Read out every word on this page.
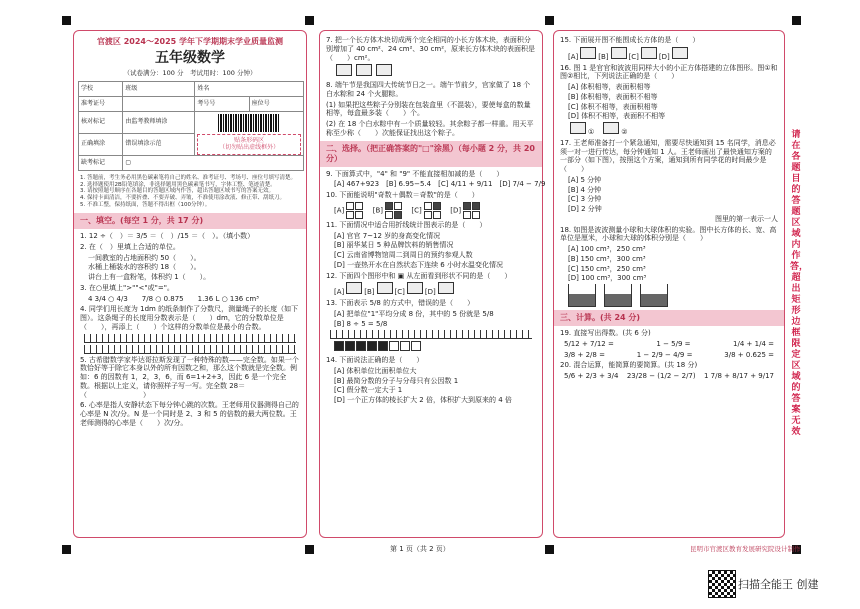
官渡区 2024～2025 学年下学期期末学业质量监测
五年级数学
（试卷满分：100 分　考试用时：100 分钟）
学校	班级	姓名	
准考证号		考号号	座位号
核对标记	由监考教师填涂	贴条形码区
（切勿贴出虚线框外）	

正确填涂	错误填涂示范		
缺考标记	▢		
1. 答题前，考生务必用黑色碳素笔将自己的姓名、准考证号、考场号、座位号填写清楚。
2. 选择题使用2B铅笔填涂，非选择题用黑色碳素笔书写，字体工整、笔迹清楚。
3. 请按照题号顺序在各题目的答题区域内作答，超出答题区域书写的答案无效。
4. 保持卡面清洁，不要折叠、不要弄破、弄皱，不准使用涂改液、修正带、刮纸刀。
5. 不准工整，保持纸面，答题不得出框（100分钟）。
一、填空。(每空 1 分，共 17 分)
1. 12 ÷（　）＝ 3/5 ＝（　）/15 ＝（　）。（填小数）
2. 在（　）里填上合适的单位。
一间教室的占地面积约 50（　　）。
水桶上桶装水的容积约 18（　　）。
讲台上有一盒粉笔，体积约 1（　　）。
3. 在○里填上">""<"或"="。
4 3/4 ○ 4/3　　7/8 ○ 0.875　　1.36 L ○ 136 cm³
4. 同学们用长度为 1dm 的纸条制作了分数尺，测量绳子的长度（如下图）。这条绳子的长度用分数表示是（　　）dm，它的分数单位是（　　），再添上（　　）个这样的分数单位是最小的合数。
5. 古希腊数学家毕达哥拉斯发现了一种特殊的数——完全数。如果一个数恰好等于除它本身以外的所有因数之和，那么这个数就是完全数。例如：6 的因数有 1，2，3，6，而 6=1+2+3，因此 6 是一个完全数。根据以上定义，请你照样子写一写。完全数 28＝（　　　　　　　　）
6. 心率是指人安静状态下每分钟心跳的次数。王老师用仪器测得自己的心率是 N 次/分。N 是一个同时是 2、3 和 5 的倍数的最大两位数。王老师测得的心率是（　　）次/分。
7. 把一个长方体木块切成两个完全相同的小长方体木块，表面积分别增加了 40 cm²、24 cm²、30 cm²，原来长方体木块的表面积是（　　）cm²。
8. 端午节是我国四大传统节日之一。端午节前夕，官家做了 18 个白水粽和 24 个火腿粽。
(1) 如果把这些粽子分别装在包装盒里（不混装），要使每盒的数量相等，每盒最多装（　　）个。
(2) 在 18 个白水粽中有一个质量较轻。其余粽子都一样重。用天平称至少称（　　）次能保证找出这个粽子。
二、选择。（把正确答案的"□"涂黑）（每小题 2 分，共 20 分）
9. 下面算式中，"4" 和 "9" 不能直接相加减的是（　　）
[A] 467+923　 [B] 6.95−5.4　 [C] 4/11 + 9/11　 [D] 7/4 − 7/9
10. 下面能说明"奇数＋偶数＝奇数"的是（　　）
[A]
　 [B]
　 [C]
　 [D]
11. 下面情况中适合用折线统计图表示的是（　　）
[A] 官官 7~12 岁的身高变化情况
[B] 丽华某日 5 种品牌饮料的销售情况
[C] 云南省博物馆周二到周日的预约参观人数
[D] 一壶热开水在自然状态下连续 6 小时水温变化情况
12. 下面四个图形中和 ▣ 从左面看到形状不同的是（　　）
[A]	[B]	[C]	[D]
13. 下面表示 5/8 的方式中，错误的是（　　）
[A] 把单位"1"平均分成 8 份，其中的 5 份就是 5/8
[B] 8 ÷ 5 = 5/8
14. 下面说法正确的是（　　）
[A] 体积单位比面积单位大
[B] 最简分数的分子与分母只有公因数 1
[C] 假分数一定大于 1
[D] 一个正方体的棱长扩大 2 倍，体积扩大到原来的 4 倍
15. 下面展开图不能围成长方体的是（　　）
[A]	[B]	[C]	[D]
16. 图 1 是官官和波波用同样大小的小正方体搭建的立体图形。图①和图②相比，下列说法正确的是（　　）
[A] 体积相等，表面积相等
[B] 体积相等，表面积不相等
[C] 体积不相等，表面积相等
[D] 体积不相等，表面积不相等
①　	②
17. 王老师准备打一个紧急通知，需要尽快通知到 15 名同学，消息必须一对一进行传达，每分钟通知 1 人。王老师画出了最快通知方案的一部分（如下图），按照这个方案，通知到所有同学花的时间最少是（　　）
[A] 5 分钟
[B] 4 分钟
[C] 3 分钟
[D] 2 分钟
图里的第一表示一人
18. 如图是波波测量小球和大球体积的实验。图中长方体的长、宽、高单位是厘米，小球和大球的体积分别是（　　）
[A] 100 cm³，250 cm³
[B] 150 cm³，300 cm³
[C] 150 cm³，250 cm³
[D] 100 cm³，300 cm³
三、计算。(共 24 分)
19. 直接写出得数。(共 6 分)
5/12 + 7/12 =	1 − 5/9 =	1/4 + 1/4 =
3/8 + 2/8 =	1 − 2/9 − 4/9 =	3/8 + 0.625 =
20. 混合运算，能简算的要简算。(共 18 分)
5/6 + 2/3 + 3/4 23/28 − (1/2 − 2/7) 1 7/8 + 8/17 + 9/17
请在各题目的答题区域内作答，超出矩形边框限定区域的答案无效
第 1 页（共 2 页）	昆明市官渡区教育发展研究院设计制作
扫描全能王 创建
